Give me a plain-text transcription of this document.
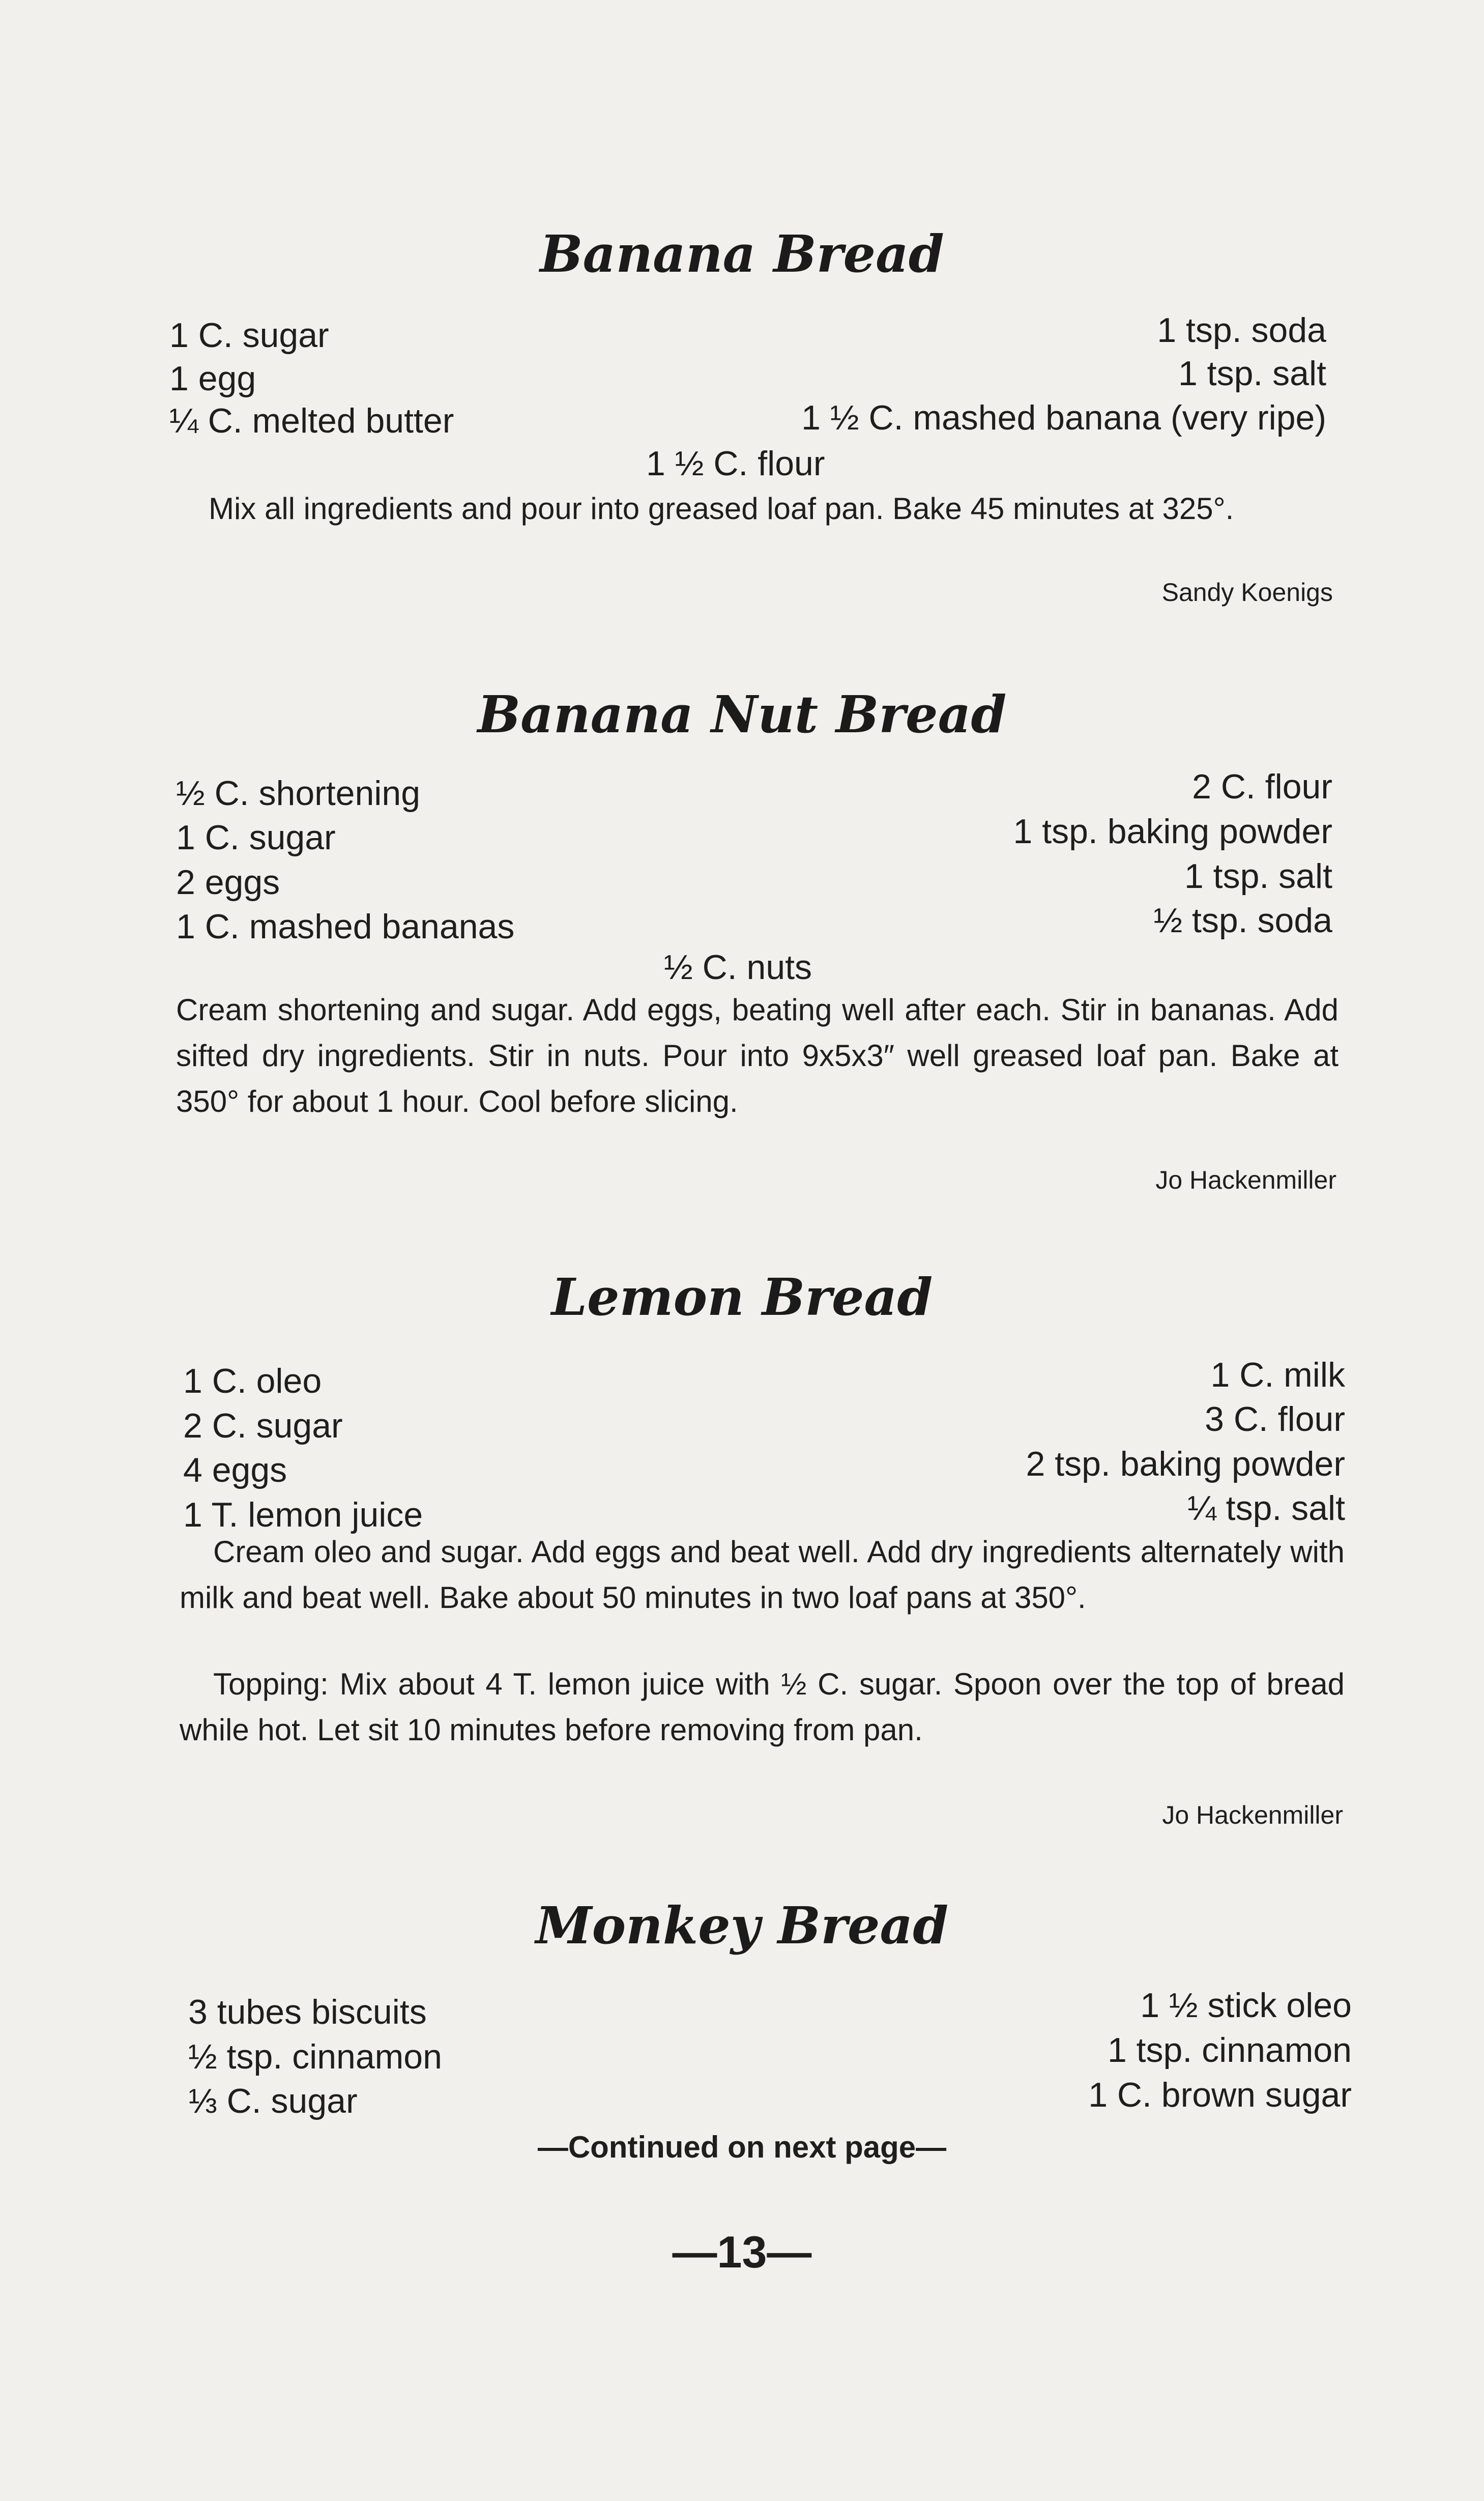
Banana Bread
1 C. sugar
1 egg
¼ C. melted butter
1 tsp. soda
1 tsp. salt
1 ½ C. mashed banana (very ripe)
1 ½ C. flour

Mix all ingredients and pour into greased loaf pan. Bake 45 minutes at 325°.

Sandy Koenigs
Banana Nut Bread
½ C. shortening
1 C. sugar
2 eggs
1 C. mashed bananas
2 C. flour
1 tsp. baking powder
1 tsp. salt
½ tsp. soda
½ C. nuts

Cream shortening and sugar. Add eggs, beating well after each. Stir in bananas. Add sifted dry ingredients. Stir in nuts. Pour into 9x5x3″ well greased loaf pan. Bake at 350° for about 1 hour. Cool before slicing.

Jo Hackenmiller
Lemon Bread
1 C. oleo
2 C. sugar
4 eggs
1 T. lemon juice
1 C. milk
3 C. flour
2 tsp. baking powder
¼ tsp. salt

Cream oleo and sugar. Add eggs and beat well. Add dry ingredients alternately with milk and beat well. Bake about 50 minutes in two loaf pans at 350°.

Topping: Mix about 4 T. lemon juice with ½ C. sugar. Spoon over the top of bread while hot. Let sit 10 minutes before removing from pan.

Jo Hackenmiller
Monkey Bread
3 tubes biscuits
½ tsp. cinnamon
⅓ C. sugar
1 ½ stick oleo
1 tsp. cinnamon
1 C. brown sugar
—Continued on next page—
—13—
